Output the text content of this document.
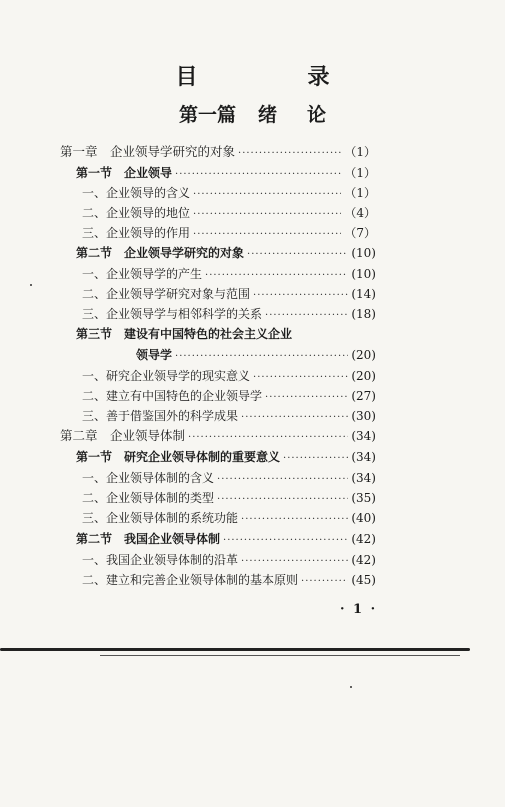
目　录
第一篇 绪 论
第一章　企业领导学研究的对象 ·····	（1）
第一节　企业领导 ·····	（1）
一、企业领导的含义 ·····	（1）
二、企业领导的地位 ·····	（4）
三、企业领导的作用 ·····	（7）
第二节　企业领导学研究的对象 ·····	(10)
一、企业领导学的产生 ·····	(10)
二、企业领导学研究对象与范围 ·····	(14)
三、企业领导学与相邻科学的关系 ·····	(18)
第三节　建设有中国特色的社会主义企业
领导学 ·····	(20)
一、研究企业领导学的现实意义 ·····	(20)
二、建立有中国特色的企业领导学 ·····	(27)
三、善于借鉴国外的科学成果 ·····	(30)
第二章　企业领导体制 ·····	(34)
第一节　研究企业领导体制的重要意义 ·····	(34)
一、企业领导体制的含义 ·····	(34)
二、企业领导体制的类型 ·····	(35)
三、企业领导体制的系统功能 ·····	(40)
第二节　我国企业领导体制 ·····	(42)
一、我国企业领导体制的沿革 ·····	(42)
二、建立和完善企业领导体制的基本原则 ·····	(45)
· 1 ·
